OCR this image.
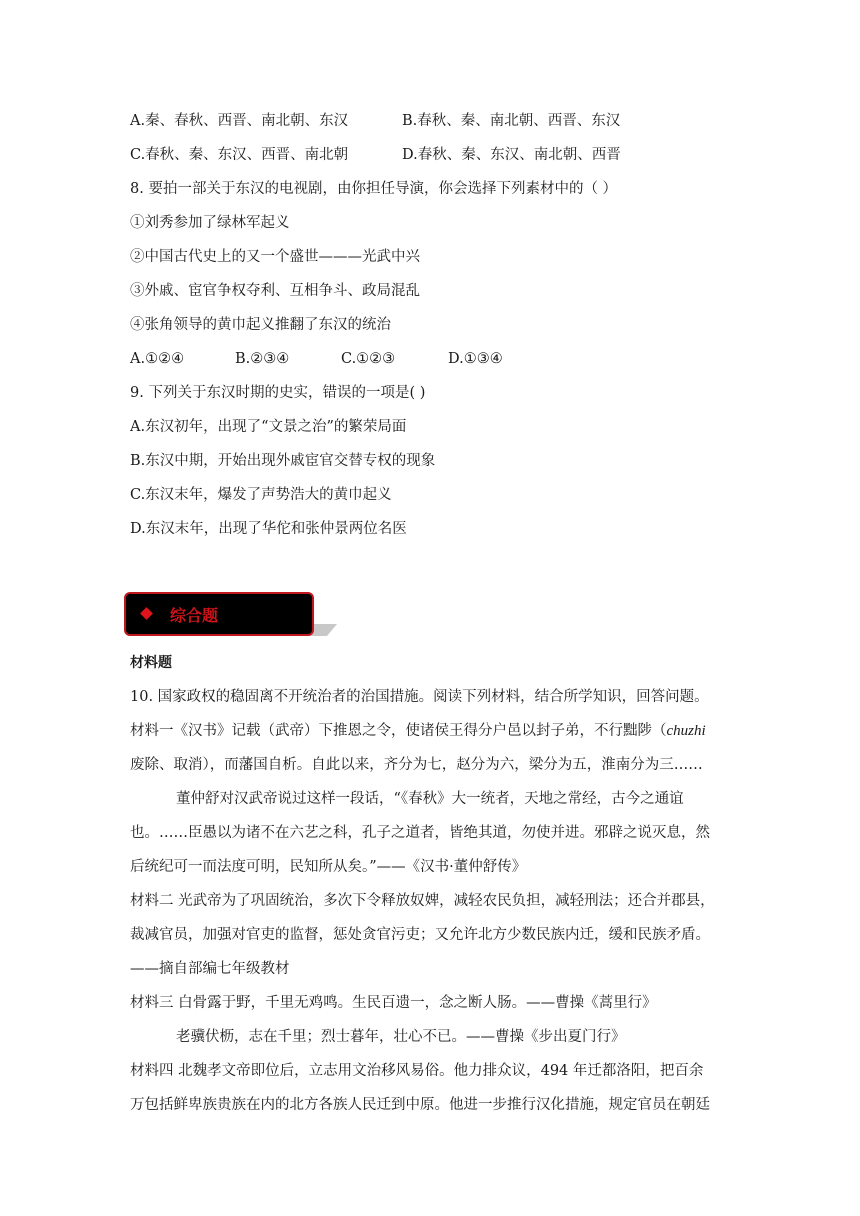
A.秦、春秋、西晋、南北朝、东汉	B.春秋、秦、南北朝、西晋、东汉
C.春秋、秦、东汉、西晋、南北朝	D.春秋、秦、东汉、南北朝、西晋
8. 要拍一部关于东汉的电视剧，由你担任导演，你会选择下列素材中的（ ）
①刘秀参加了绿林军起义
②中国古代史上的又一个盛世———光武中兴
③外戚、宦官争权夺利、互相争斗、政局混乱
④张角领导的黄巾起义推翻了东汉的统治
A.①②④	B.②③④	C.①②③	D.①③④
9. 下列关于东汉时期的史实，错误的一项是( )
A.东汉初年，出现了“文景之治”的繁荣局面
B.东汉中期，开始出现外戚宦官交替专权的现象
C.东汉末年，爆发了声势浩大的黄巾起义
D.东汉末年，出现了华佗和张仲景两位名医
综合题
材料题
10. 国家政权的稳固离不开统治者的治国措施。阅读下列材料，结合所学知识，回答问题。
材料一《汉书》记载（武帝）下推恩之令，使诸侯王得分户邑以封子弟，不行黜陟（chuzhi
废除、取消），而藩国自析。自此以来，齐分为七，赵分为六，梁分为五，淮南分为三……
董仲舒对汉武帝说过这样一段话，“《春秋》大一统者，天地之常经，古今之通谊
也。……臣愚以为诸不在六艺之科，孔子之道者，皆绝其道，勿使并进。邪辟之说灭息，然
后统纪可一而法度可明，民知所从矣。”——《汉书·董仲舒传》
材料二 光武帝为了巩固统治，多次下令释放奴婢，减轻农民负担，减轻刑法；还合并郡县，
裁减官员，加强对官吏的监督，惩处贪官污吏；又允许北方少数民族内迁，缓和民族矛盾。
——摘自部编七年级教材
材料三 白骨露于野，千里无鸡鸣。生民百遗一，念之断人肠。——曹操《蒿里行》
老骥伏枥，志在千里；烈士暮年，壮心不已。——曹操《步出夏门行》
材料四 北魏孝文帝即位后，立志用文治移风易俗。他力排众议，494 年迁都洛阳，把百余
万包括鲜卑族贵族在内的北方各族人民迁到中原。他进一步推行汉化措施，规定官员在朝廷
